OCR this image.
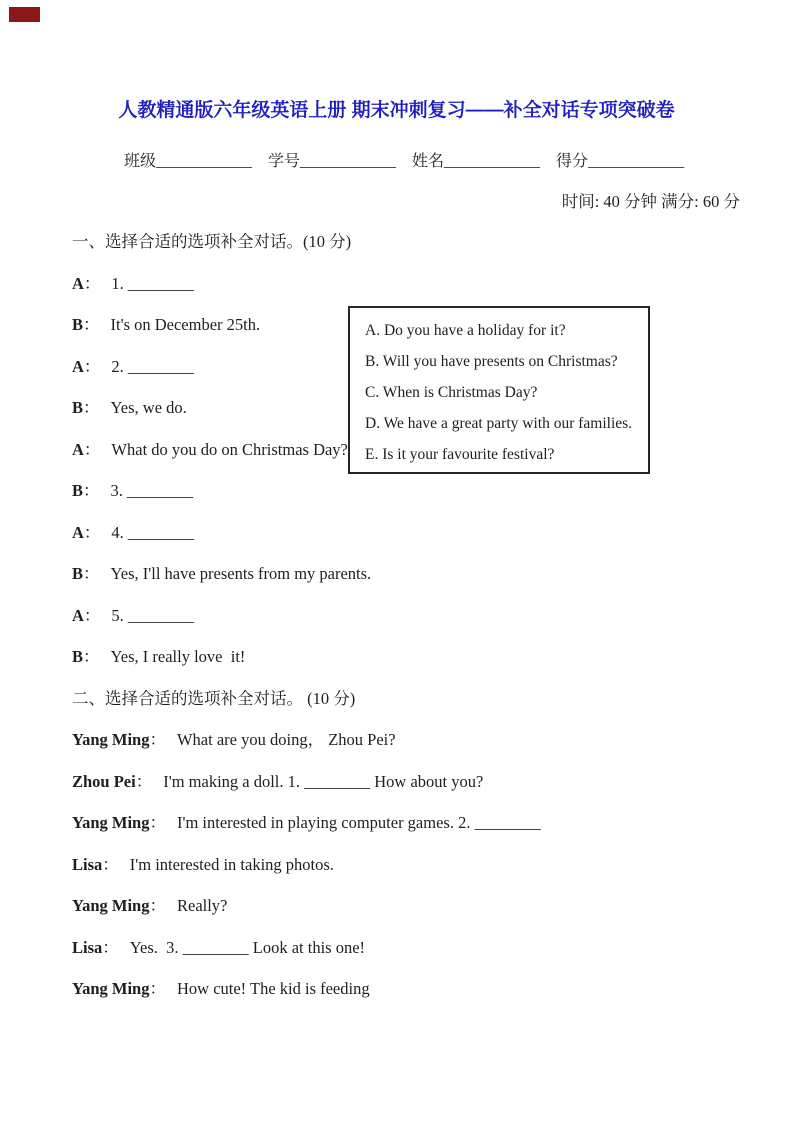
人教精通版六年级英语上册 期末冲刺复习——补全对话专项突破卷
班级____________ 学号____________ 姓名____________ 得分____________
时间: 40 分钟 满分: 60 分
一、选择合适的选项补全对话。(10 分)

A： 1. ________

B： It's on December 25th.

A： 2. ________

B： Yes, we do.

A： What do you do on Christmas Day?

B： 3. ________

A： 4. ________

B： Yes, I'll have presents from my parents.

A： 5. ________

B： Yes, I really love  it!

二、选择合适的选项补全对话。 (10 分)

Yang Ming： What are you doing， Zhou Pei?

Zhou Pei： I'm making a doll. 1. ________ How about you?

Yang Ming： I'm interested in playing computer games. 2. ________

Lisa： I'm interested in taking photos.

Yang Ming： Really?

Lisa： Yes.  3. ________ Look at this one!

Yang Ming： How cute! The kid is feeding

A. Do you have a holiday for it?
B. Will you have presents on Christmas?
C. When is Christmas Day?
D. We have a great party with our families.
E. Is it your favourite festival?
